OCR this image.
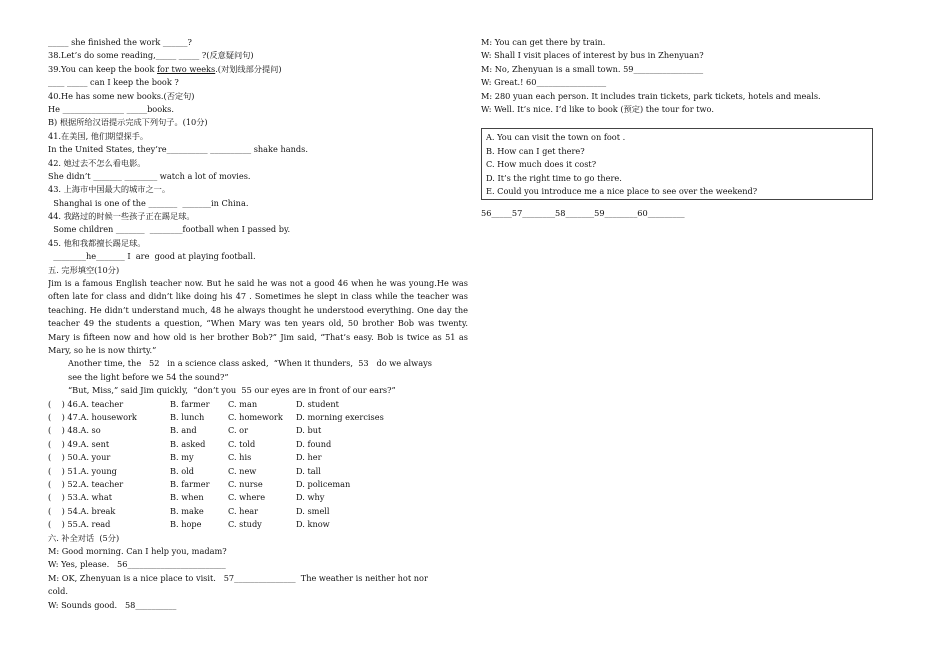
_____ she finished the work ______?
38.Let’s do some reading,_____ _____ ?(反意疑问句)
39.You can keep the book for two weeks.(对划线部分提问)
____ _____ can I keep the book ?
40.He has some new books.(否定句)
He _______________ _____books.
B) 根据所给汉语提示完成下列句子。(10分)
41.在美国, 他们期望探手。
In the United States, they’re__________ __________ shake hands.
42. 她过去不怎么看电影。
She didn’t _______ ________ watch a lot of movies.
43. 上海市中国最大的城市之一。
Shanghai is one of the _______  _______in China.
44. 我路过的时候一些孩子正在踢足球。
Some children _______  ________football when I passed by.
45. 他和我都擅长踢足球。
________he_______ I  are  good at playing football.
五. 完形填空(10分)
Jim is a famous English teacher now. But he said he was not a good 46 when he was young.He was often late for class and didn’t like doing his 47 . Sometimes he slept in class while the teacher was teaching. He didn’t understand much, 48 he always thought he understood everything. One day the teacher 49 the students a question, “When Mary was ten years old, 50 brother Bob was twenty. Mary is fifteen now and how old is her brother Bob?” Jim said, “That’s easy. Bob is twice as 51 as Mary, so he is now thirty.”
Another time, the   52   in a science class asked,  “When it thunders,  53   do we always
see the light before we 54 the sound?”
“But, Miss,” said Jim quickly,  “don’t you  55 our eyes are in front of our ears?”
(    ) 46.A. teacher	B. farmer	C. man	D. student
(    ) 47.A. housework	B. lunch	C. homework	D. morning exercises
(    ) 48.A. so	B. and	C. or	D. but
(    ) 49.A. sent	B. asked	C. told	D. found
(    ) 50.A. your	B. my	C. his	D. her
(    ) 51.A. young	B. old	C. new	D. tall
(    ) 52.A. teacher	B. farmer	C. nurse	D. policeman
(    ) 53.A. what	B. when	C. where	D. why
(    ) 54.A. break	B. make	C. hear	D. smell
(    ) 55.A. read	B. hope	C. study	D. know
六. 补全对话  (5分)
M: Good morning. Can I help you, madam?
W: Yes, please.   56________________________
M: OK, Zhenyuan is a nice place to visit.   57_______________  The weather is neither hot nor
cold.
W: Sounds good.   58__________
M: You can get there by train.
W: Shall I visit places of interest by bus in Zhenyuan?
M: No, Zhenyuan is a small town. 59_________________
W: Great.! 60_________________
M: 280 yuan each person. It includes train tickets, park tickets, hotels and meals.
W: Well. It’s nice. I’d like to book (预定) the tour for two.
A. You can visit the town on foot .
B. How can I get there?
C. How much does it cost?
D. It’s the right time to go there.
E. Could you introduce me a nice place to see over the weekend?
56_____57________58_______59________60_________
